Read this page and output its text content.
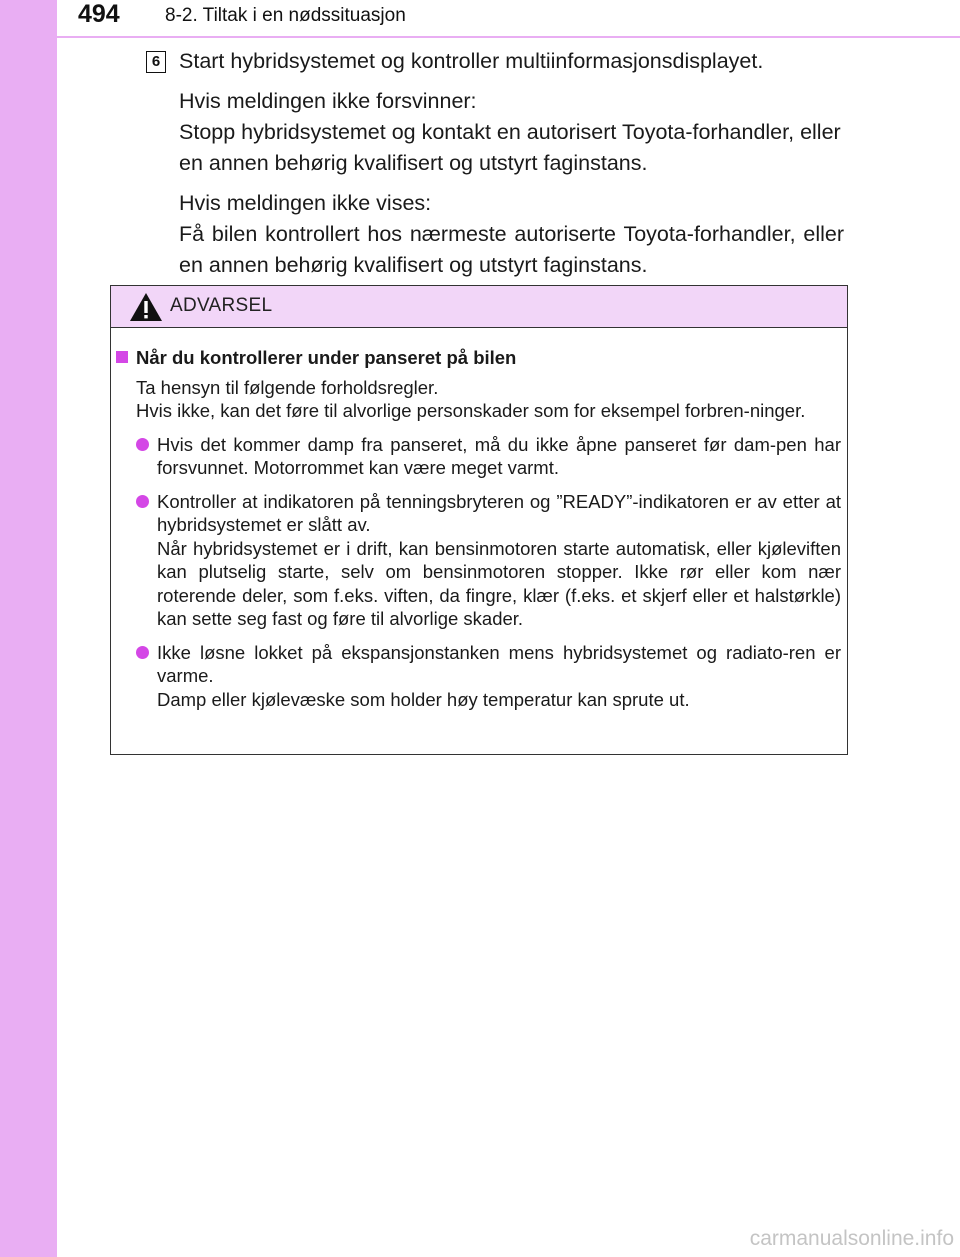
494 8-2. Tiltak i en nødssituasjon
6 Start hybridsystemet og kontroller multiinformasjonsdisplayet.

Hvis meldingen ikke forsvinner:

Stopp hybridsystemet og kontakt en autorisert Toyota-forhandler, eller en annen behørig kvalifisert og utstyrt faginstans.

Hvis meldingen ikke vises:

Få bilen kontrollert hos nærmeste autoriserte Toyota-forhandler, eller en annen behørig kvalifisert og utstyrt faginstans.

ADVARSEL

Når du kontrollerer under panseret på bilen

Ta hensyn til følgende forholdsregler.
Hvis ikke, kan det føre til alvorlige personskader som for eksempel forbren-ninger.

Hvis det kommer damp fra panseret, må du ikke åpne panseret før dam-pen har forsvunnet. Motorrommet kan være meget varmt.

Kontroller at indikatoren på tenningsbryteren og ”READY”-indikatoren er av etter at hybridsystemet er slått av.

Når hybridsystemet er i drift, kan bensinmotoren starte automatisk, eller kjøleviften kan plutselig starte, selv om bensinmotoren stopper. Ikke rør eller kom nær roterende deler, som f.eks. viften, da fingre, klær (f.eks. et skjerf eller et halstørkle) kan sette seg fast og føre til alvorlige skader.

Ikke løsne lokket på ekspansjonstanken mens hybridsystemet og radiato-ren er varme.

Damp eller kjølevæske som holder høy temperatur kan sprute ut.

carmanualsonline.info
